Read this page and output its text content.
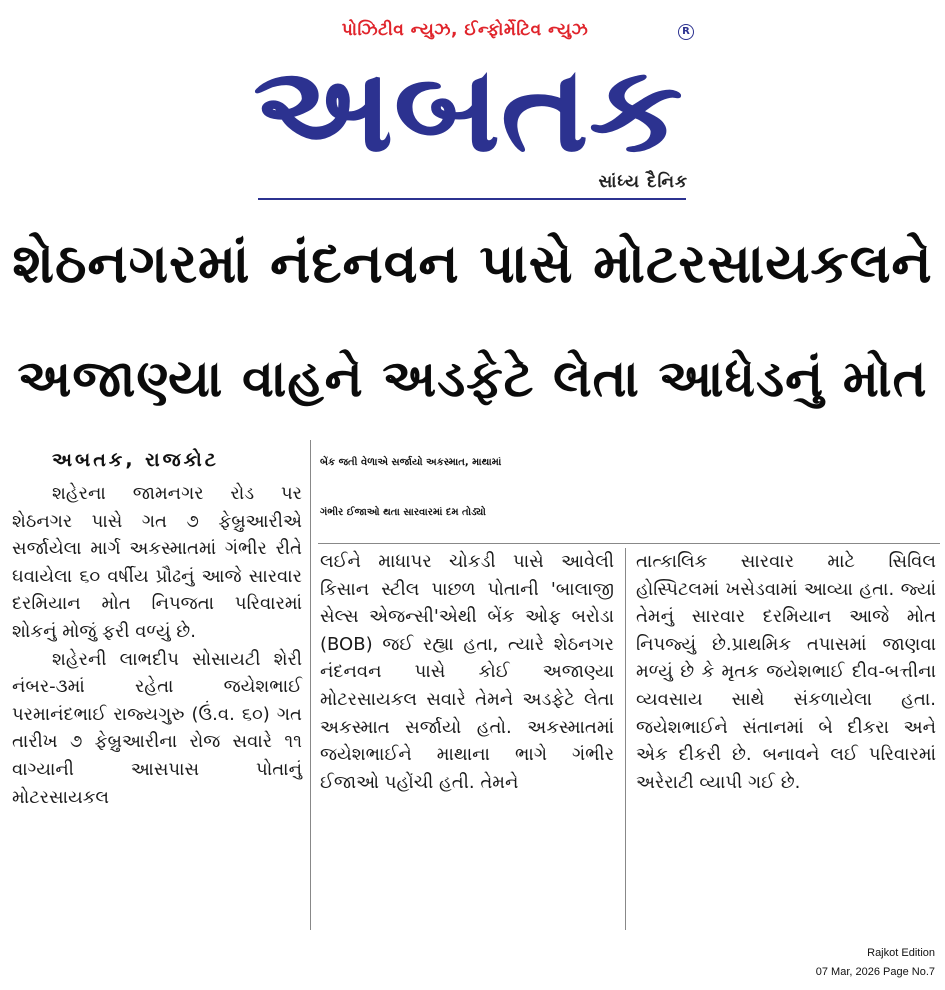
પોઝિટીવ ન્યુઝ, ઈન્ફોર્મેટિવ ન્યુઝ	R
અબતક
સાંધ્ય દૈનિક
શેઠનગરમાં નંદનવન પાસે મોટરસાયકલને
અજાણ્યા વાહને અડફેટે લેતા આધેડનું મોત
બેંક જતી વેળાએ સર્જાયો અકસ્માત, માથામાં
ગંભીર ઈજાઓ થતા સારવારમાં દમ તોડ્યો
અબતક, રાજકોટ

શહેરના જામનગર રોડ પર શેઠનગર પાસે ગત ૭ ફેબ્રુઆરીએ સર્જાયેલા માર્ગ અકસ્માતમાં ગંભીર રીતે ઘવાયેલા ૬૦ વર્ષીય પ્રૌઢનું આજે સારવાર દરમિયાન મોત નિપજતા પરિવારમાં શોકનું મોજું ફરી વળ્યું છે.

શહેરની લાભદીપ સોસાયટી શેરી નંબર-૩માં રહેતા જયેશભાઈ પરમાનંદભાઈ રાજ્યગુરુ (ઉં.વ. ૬૦) ગત તારીખ ૭ ફેબ્રુઆરીના રોજ સવારે ૧૧ વાગ્યાની આસપાસ પોતાનું મોટરસાયકલ

લઈને માધાપર ચોકડી પાસે આવેલી કિસાન સ્ટીલ પાછળ પોતાની 'બાલાજી સેલ્સ એજન્સી'એથી બેંક ઓફ બરોડા (BOB) જઈ રહ્યા હતા, ત્યારે શેઠનગર નંદનવન પાસે કોઈ અજાણ્યા મોટરસાયકલ સવારે તેમને અડફેટે લેતા અકસ્માત સર્જાયો હતો. અકસ્માતમાં જયેશભાઈને માથાના ભાગે ગંભીર ઈજાઓ પહોંચી હતી. તેમને

તાત્કાલિક સારવાર માટે સિવિલ હોસ્પિટલમાં ખસેડવામાં આવ્યા હતા. જ્યાં તેમનું સારવાર દરમિયાન આજે મોત નિપજ્યું છે.પ્રાથમિક તપાસમાં જાણવા મળ્યું છે કે મૃતક જયેશભાઈ દીવ-બત્તીના વ્યવસાય સાથે સંકળાયેલા હતા. જયેશભાઈને સંતાનમાં બે દીકરા અને એક દીકરી છે. બનાવને લઈ પરિવારમાં અરેરાટી વ્યાપી ગઈ છે.

Rajkot Edition
07 Mar, 2026 Page No.7
